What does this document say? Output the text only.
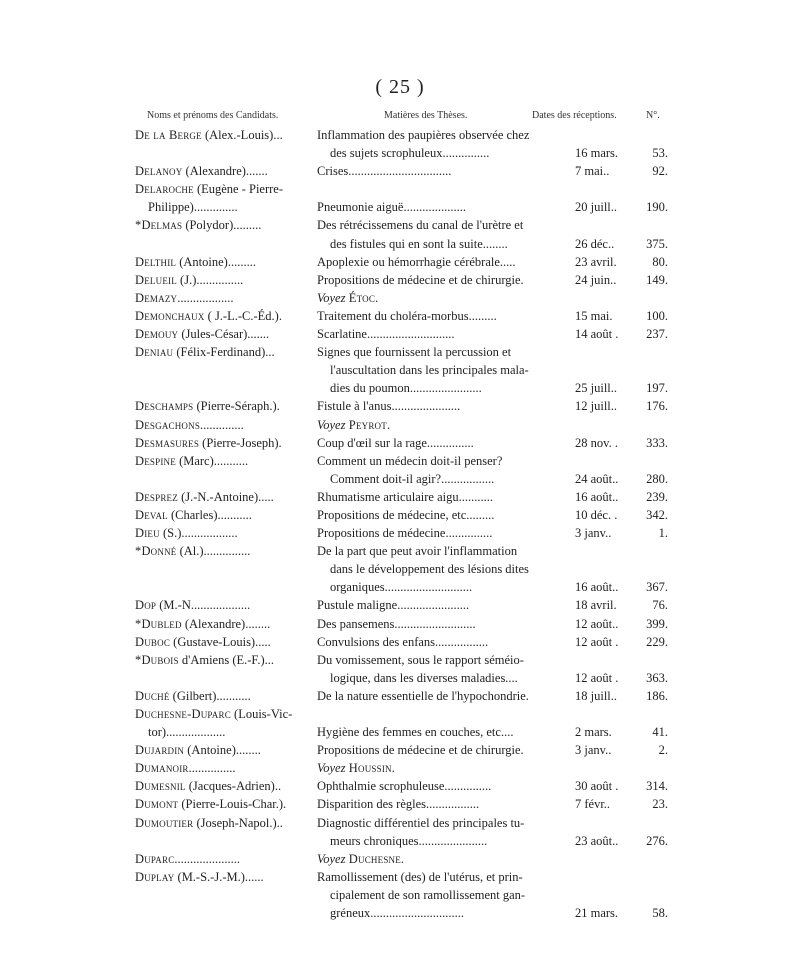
( 25 )
Noms et prénoms des Candidats.	Matières des Thèses.	Dates des réceptions.	N°.
De la Berge (Alex.-Louis)...	Inflammation des paupières observée chez
des sujets scrophuleux...............	16 mars.	53.
Delanoy (Alexandre).......	Crises.................................	7 mai..	92.
Delaroche (Eugène - Pierre-
Philippe)..............	Pneumonie aiguë....................	20 juill..	190.
*Delmas (Polydor).........	Des rétrécissemens du canal de l'urètre et
des fistules qui en sont la suite........	26 déc..	375.
Delthil (Antoine).........	Apoplexie ou hémorrhagie cérébrale.....	23 avril.	80.
Delueil (J.)...............	Propositions de médecine et de chirurgie.	24 juin..	149.
Demazy..................	Voyez Étoc.
Demonchaux ( J.-L.-C.-Éd.).	Traitement du choléra-morbus.........	15 mai.	100.
Demouy (Jules-César).......	Scarlatine............................	14 août .	237.
Deniau (Félix-Ferdinand)...	Signes que fournissent la percussion et
l'auscultation dans les principales mala-
dies du poumon.......................	25 juill..	197.
Deschamps (Pierre-Séraph.).	Fistule à l'anus......................	12 juill..	176.
Desgachons..............	Voyez Peyrot.
Desmasures (Pierre-Joseph).	Coup d'œil sur la rage...............	28 nov. .	333.
Despine (Marc)...........	Comment un médecin doit-il penser?
Comment doit-il agir?.................	24 août..	280.
Desprez (J.-N.-Antoine).....	Rhumatisme articulaire aigu...........	16 août..	239.
Deval (Charles)...........	Propositions de médecine, etc.........	10 déc. .	342.
Dieu (S.)..................	Propositions de médecine...............	3 janv..	1.
*Donné (Al.)...............	De la part que peut avoir l'inflammation
dans le développement des lésions dites
organiques............................	16 août..	367.
Dop (M.-N...................	Pustule maligne.......................	18 avril.	76.
*Dubled (Alexandre)........	Des pansemens..........................	12 août..	399.
Duboc (Gustave-Louis).....	Convulsions des enfans.................	12 août .	229.
*Dubois d'Amiens (E.-F.)...	Du vomissement, sous le rapport séméio-
logique, dans les diverses maladies....	12 août .	363.
Duché (Gilbert)...........	De la nature essentielle de l'hypochondrie.	18 juill..	186.
Duchesne-Duparc (Louis-Vic-
tor)...................	Hygiène des femmes en couches, etc....	2 mars.	41.
Dujardin (Antoine)........	Propositions de médecine et de chirurgie.	3 janv..	2.
Dumanoir...............	Voyez Houssin.
Dumesnil (Jacques-Adrien)..	Ophthalmie scrophuleuse...............	30 août .	314.
Dumont (Pierre-Louis-Char.).	Disparition des règles.................	7 févr..	23.
Dumoutier (Joseph-Napol.)..	Diagnostic différentiel des principales tu-
meurs chroniques......................	23 août..	276.
Duparc.....................	Voyez Duchesne.
Duplay (M.-S.-J.-M.)......	Ramollissement (des) de l'utérus, et prin-
cipalement de son ramollissement gan-
gréneux..............................	21 mars.	58.
